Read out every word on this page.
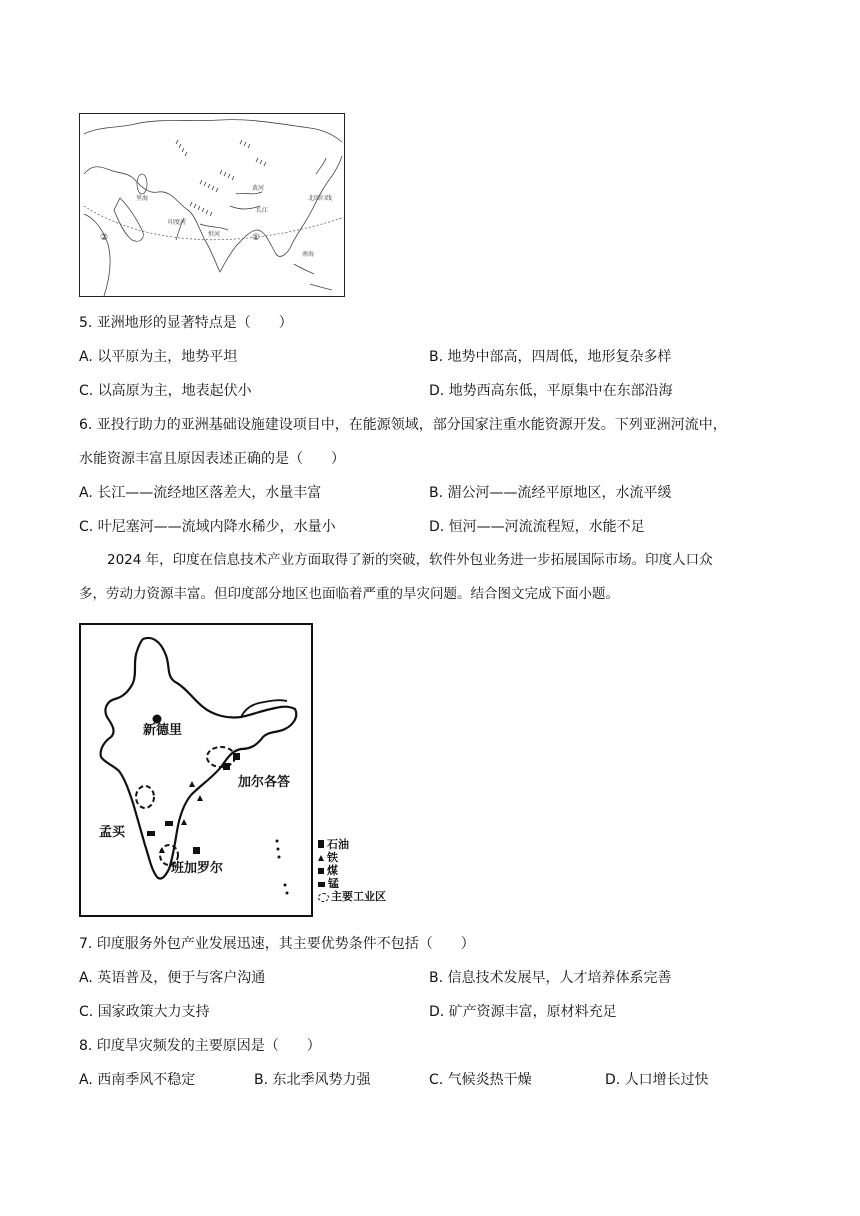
里海
印度河
恒河
长江
黄河
南海
北回归线
①
②
5. 亚洲地形的显著特点是（　　）
A. 以平原为主，地势平坦	B. 地势中部高，四周低，地形复杂多样
C. 以高原为主，地表起伏小	D. 地势西高东低，平原集中在东部沿海
6. 亚投行助力的亚洲基础设施建设项目中，在能源领域，部分国家注重水能资源开发。下列亚洲河流中，
水能资源丰富且原因表述正确的是（　　）
A. 长江——流经地区落差大，水量丰富	B. 湄公河——流经平原地区，水流平缓
C. 叶尼塞河——流域内降水稀少，水量小	D. 恒河——河流流程短，水能不足
2024 年，印度在信息技术产业方面取得了新的突破，软件外包业务进一步拓展国际市场。印度人口众
多，劳动力资源丰富。但印度部分地区也面临着严重的旱灾问题。结合图文完成下面小题。
新德里
加尔各答
孟买
班加罗尔
石油
铁
煤
锰
主要工业区
7. 印度服务外包产业发展迅速，其主要优势条件不包括（　　）
A. 英语普及，便于与客户沟通	B. 信息技术发展早，人才培养体系完善
C. 国家政策大力支持	D. 矿产资源丰富，原材料充足
8. 印度旱灾频发的主要原因是（　　）
A. 西南季风不稳定	B. 东北季风势力强	C. 气候炎热干燥	D. 人口增长过快
